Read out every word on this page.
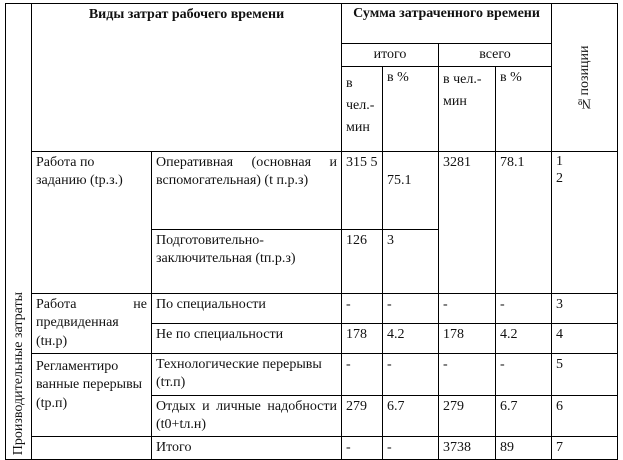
Производительные затраты	Виды затрат рабочего времени		Сумма затраченного времени				№позиции

			итого		всего		
			в чел.- мин	в %	в чел.- мин	в %	
	Работа по заданию (tр.з.)	Оперативная (основная и вспомогательная) (t п.р.з)	315 5	75.1	3281	78.1	1 2
		Подготовительно-заключительная (tп.р.з)	126	3			
	Работа не предвиденная (tн.р)	По специальности	-	-	-	-	3
		Не по специальности	178	4.2	178	4.2	4
	Регламентиро ванные перерывы (tр.п)	Технологические перерывы (tт.п)	-	-	-	-	5
		Отдых и личные надобности (t0+tл.н)	279	6.7	279	6.7	6
		Итого	-	-	3738	89	7
